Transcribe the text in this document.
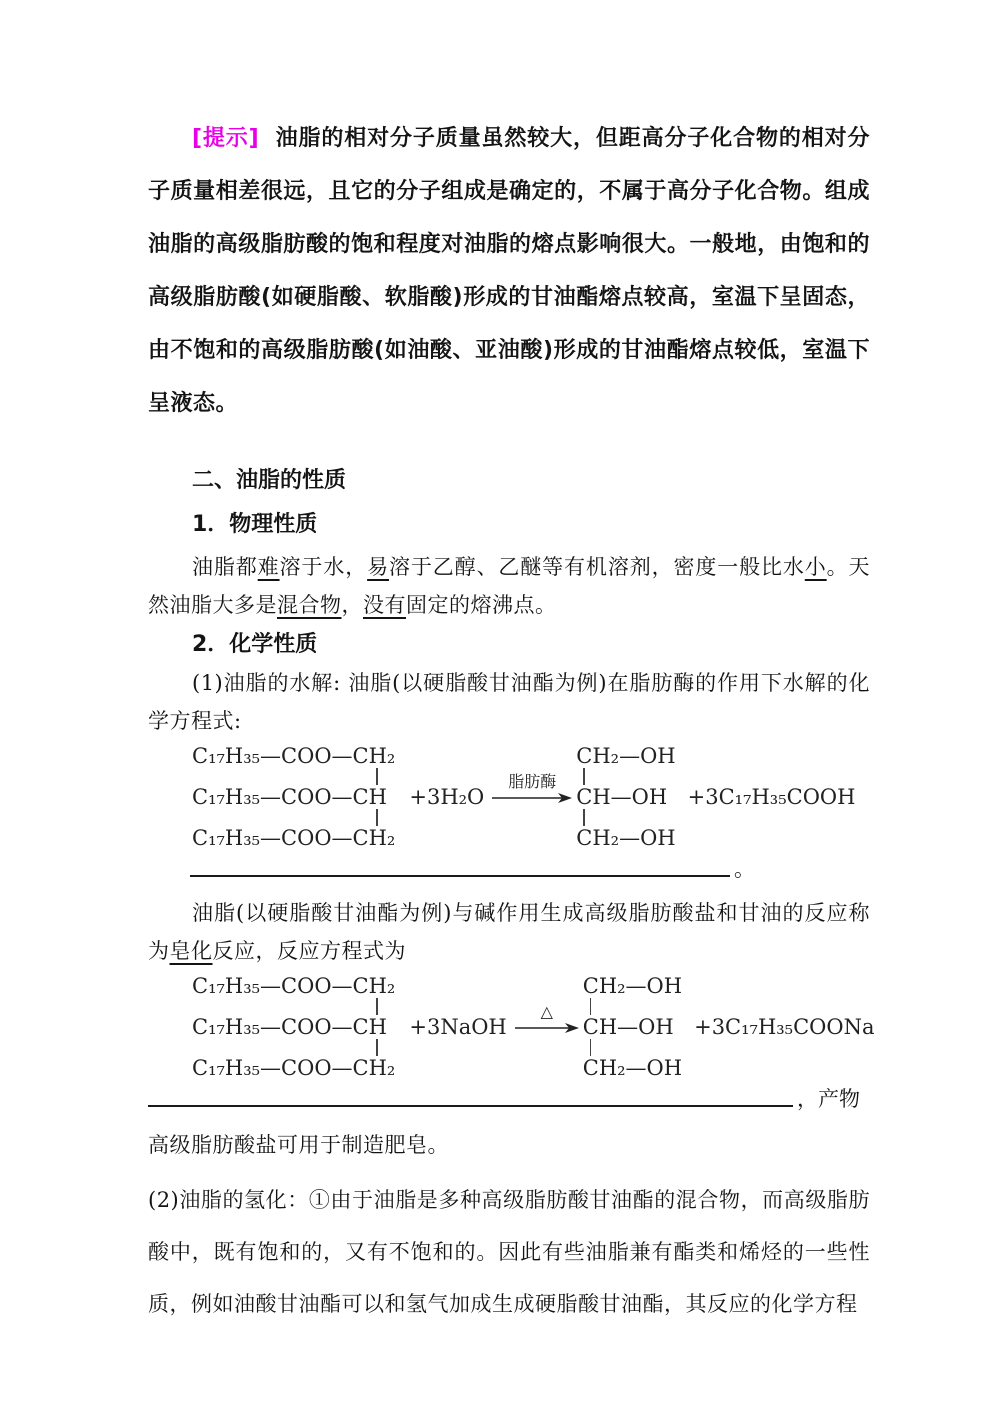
[提示] 油脂的相对分子质量虽然较大，但距高分子化合物的相对分子质量相差很远，且它的分子组成是确定的，不属于高分子化合物。组成油脂的高级脂肪酸的饱和程度对油脂的熔点影响很大。一般地，由饱和的高级脂肪酸(如硬脂酸、软脂酸)形成的甘油酯熔点较高，室温下呈固态，由不饱和的高级脂肪酸(如油酸、亚油酸)形成的甘油酯熔点较低，室温下呈液态。

二、油脂的性质
1．物理性质

油脂都难溶于水，易溶于乙醇、乙醚等有机溶剂，密度一般比水小。天然油脂大多是混合物，没有固定的熔沸点。

2．化学性质

(1)油脂的水解: 油脂(以硬脂酸甘油酯为例)在脂肪酶的作用下水解的化学方程式:

C₁₇H₃₅—COO—CH₂
C₁₇H₃₅—COO—CH
C₁₇H₃₅—COO—CH₂
+3H₂O
脂肪酶
CH₂—OH
CH—OH
CH₂—OH
+3C₁₇H₃₅COOH
。

油脂(以硬脂酸甘油酯为例)与碱作用生成高级脂肪酸盐和甘油的反应称为皂化反应，反应方程式为

C₁₇H₃₅—COO—CH₂
C₁₇H₃₅—COO—CH
C₁₇H₃₅—COO—CH₂
+3NaOH
△
CH₂—OH
CH—OH
CH₂—OH
+3C₁₇H₃₅COONa
，产物

高级脂肪酸盐可用于制造肥皂。

(2)油脂的氢化：①由于油脂是多种高级脂肪酸甘油酯的混合物，而高级脂肪酸中，既有饱和的，又有不饱和的。因此有些油脂兼有酯类和烯烃的一些性质，例如油酸甘油酯可以和氢气加成生成硬脂酸甘油酯，其反应的化学方程
